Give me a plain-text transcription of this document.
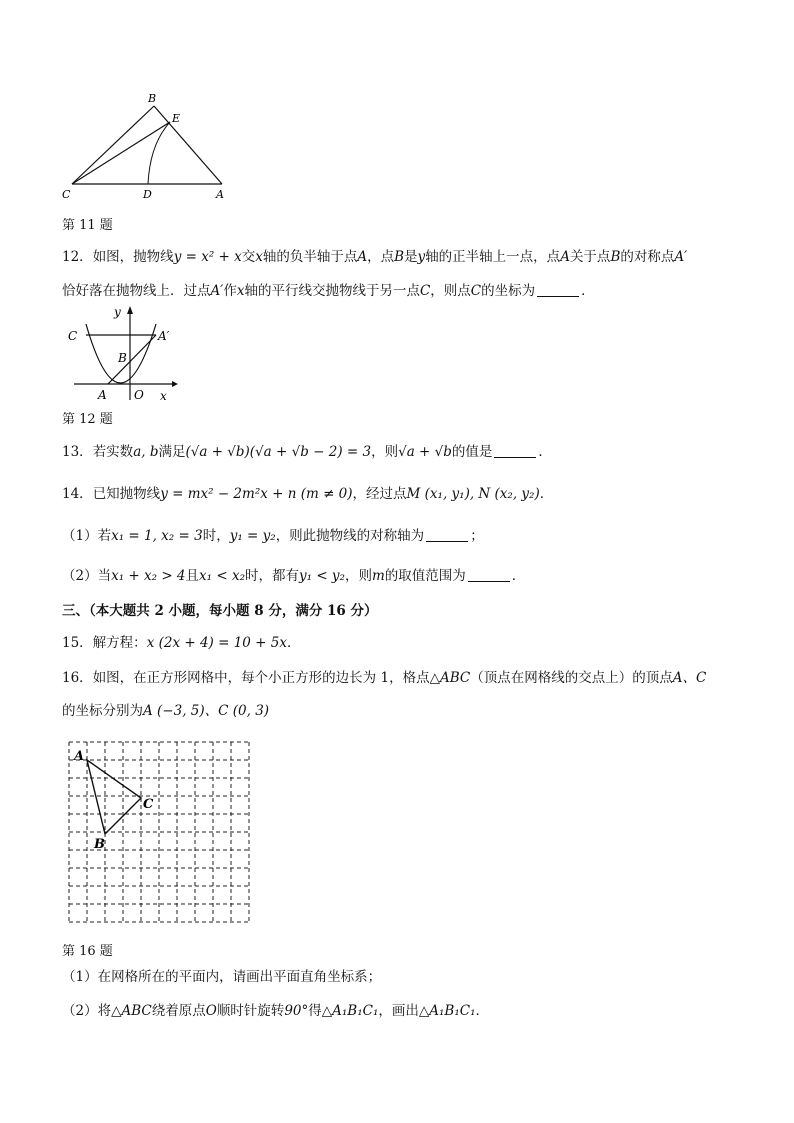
B
E
C	D	A
第 11 题
12．如图，抛物线y = x² + x交x轴的负半轴于点A，点B是y轴的正半轴上一点，点A关于点B的对称点A′
恰好落在抛物线上．过点A′作x轴的平行线交抛物线于另一点C，则点C的坐标为	．
y
C	A′
B
A O x
第 12 题
13．若实数a, b满足(√a + √b)(√a + √b − 2) = 3，则√a + √b的值是	．
14．已知抛物线y = mx² − 2m²x + n (m ≠ 0)，经过点M (x₁, y₁), N (x₂, y₂)．
（1）若x₁ = 1, x₂ = 3时，y₁ = y₂，则此抛物线的对称轴为	；
（2）当x₁ + x₂ > 4且x₁ < x₂时，都有y₁ < y₂，则m的取值范围为	．
三、（本大题共 2 小题，每小题 8 分，满分 16 分）
15．解方程：x (2x + 4) = 10 + 5x．
16．如图，在正方形网格中，每个小正方形的边长为 1，格点△ABC（顶点在网格线的交点上）的顶点A、C
的坐标分别为A (−3, 5)、C (0, 3)
A
C
B
第 16 题
（1）在网格所在的平面内，请画出平面直角坐标系；
（2）将△ABC绕着原点O顺时针旋转90°得△A₁B₁C₁，画出△A₁B₁C₁．
